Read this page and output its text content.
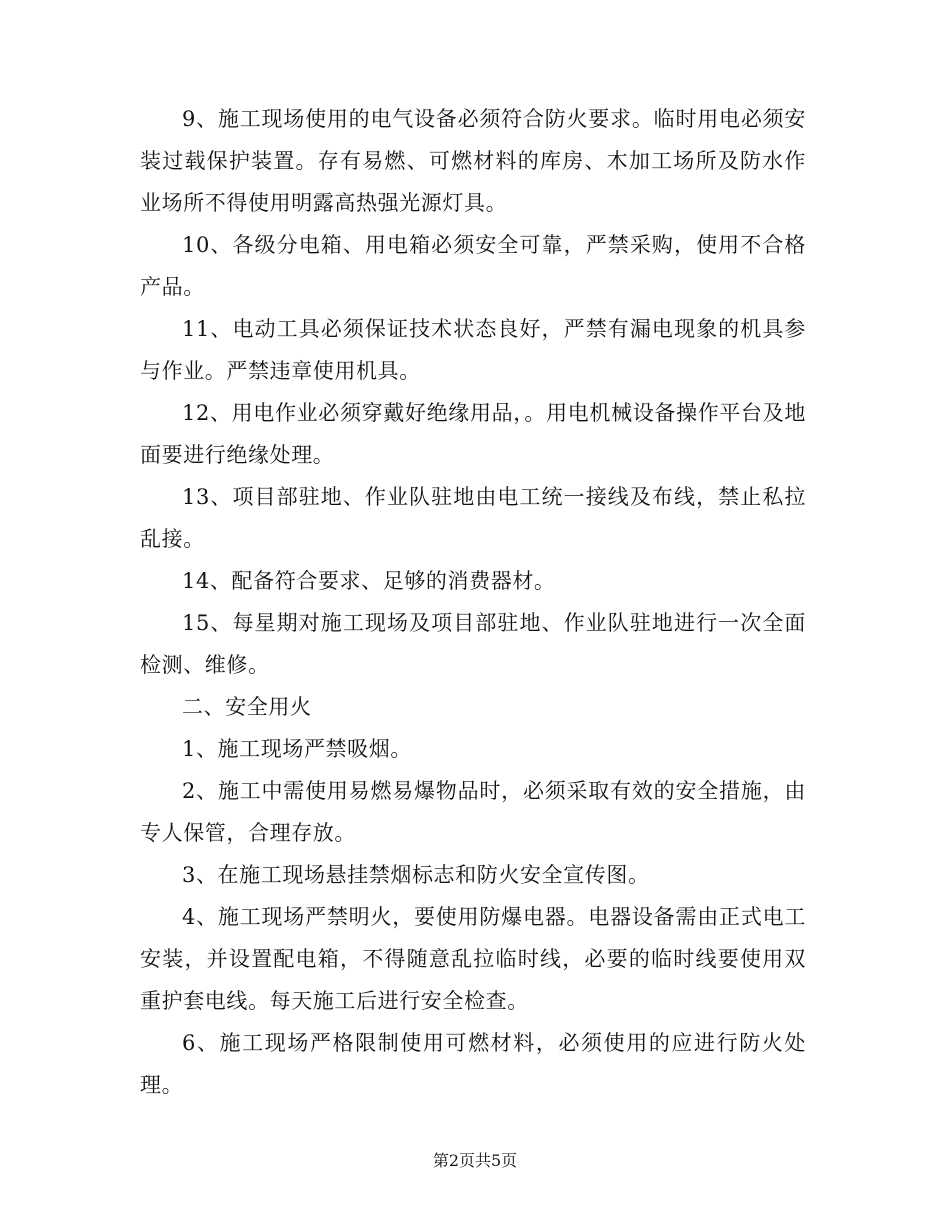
9、施工现场使用的电气设备必须符合防火要求。临时用电必须安装过载保护装置。存有易燃、可燃材料的库房、木加工场所及防水作业场所不得使用明露高热强光源灯具。

10、各级分电箱、用电箱必须安全可靠，严禁采购，使用不合格产品。

11、电动工具必须保证技术状态良好，严禁有漏电现象的机具参与作业。严禁违章使用机具。

12、用电作业必须穿戴好绝缘用品，。用电机械设备操作平台及地面要进行绝缘处理。

13、项目部驻地、作业队驻地由电工统一接线及布线，禁止私拉乱接。

14、配备符合要求、足够的消费器材。

15、每星期对施工现场及项目部驻地、作业队驻地进行一次全面检测、维修。

二、安全用火

1、施工现场严禁吸烟。

2、施工中需使用易燃易爆物品时，必须采取有效的安全措施，由专人保管，合理存放。

3、在施工现场悬挂禁烟标志和防火安全宣传图。

4、施工现场严禁明火，要使用防爆电器。电器设备需由正式电工安装，并设置配电箱，不得随意乱拉临时线，必要的临时线要使用双重护套电线。每天施工后进行安全检查。

6、施工现场严格限制使用可燃材料，必须使用的应进行防火处理。

第2页共5页
